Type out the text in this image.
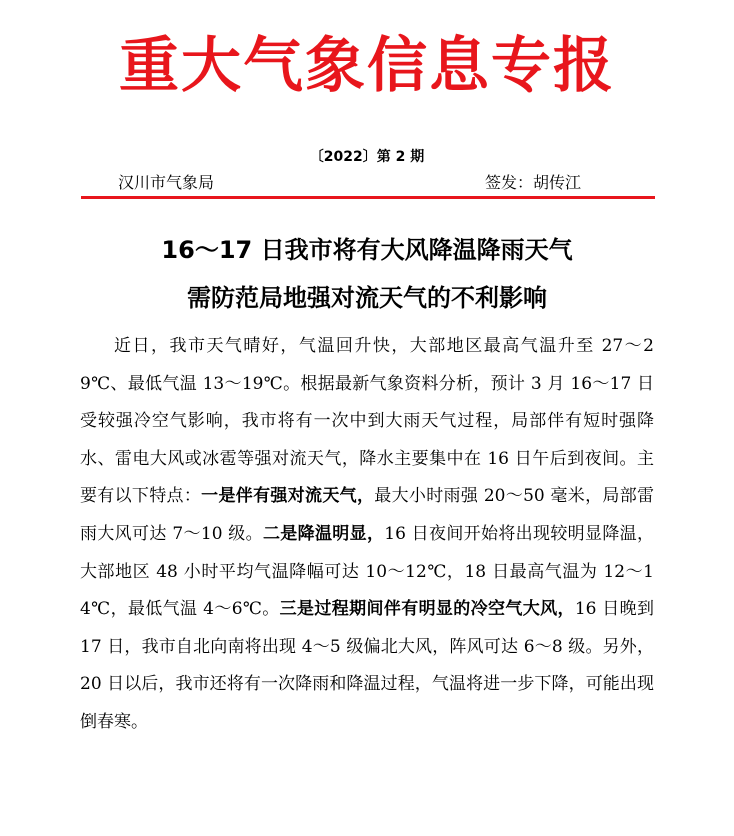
重大气象信息专报
〔2022〕第 2 期
汉川市气象局	签发：胡传江
16～17 日我市将有大风降温降雨天气
需防范局地强对流天气的不利影响

近日，我市天气晴好，气温回升快，大部地区最高气温升至 27～29℃、最低气温 13～19℃。根据最新气象资料分析，预计 3 月 16～17 日受较强冷空气影响，我市将有一次中到大雨天气过程，局部伴有短时强降水、雷电大风或冰雹等强对流天气，降水主要集中在 16 日午后到夜间。主要有以下特点：一是伴有强对流天气，最大小时雨强 20～50 毫米，局部雷雨大风可达 7～10 级。二是降温明显，16 日夜间开始将出现较明显降温，大部地区 48 小时平均气温降幅可达 10～12℃，18 日最高气温为 12～14℃，最低气温 4～6℃。三是过程期间伴有明显的冷空气大风，16 日晚到 17 日，我市自北向南将出现 4～5 级偏北大风，阵风可达 6～8 级。另外，20 日以后，我市还将有一次降雨和降温过程，气温将进一步下降，可能出现倒春寒。
